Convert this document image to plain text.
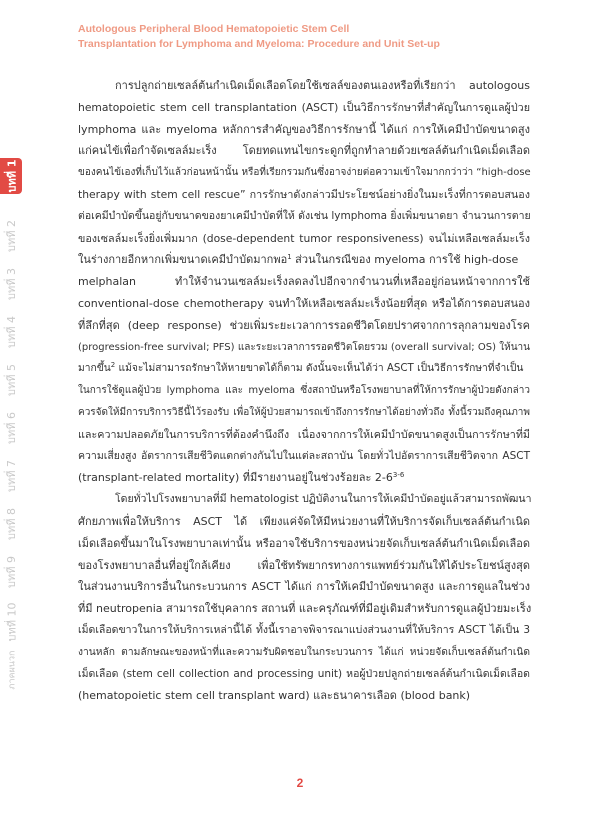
Autologous Peripheral Blood Hematopoietic Stem Cell
Transplantation for Lymphoma and Myeloma: Procedure and Unit Set-up
บทที่ 1
บทที่ 2
บทที่ 3
บทที่ 4
บทที่ 5
บทที่ 6
บทที่ 7
บทที่ 8
บทที่ 9
บทที่ 10
ภาคผนวก
การปลูกถ่ายเซลล์ต้นกำเนิดเม็ดเลือดโดยใช้เซลล์ของตนเองหรือที่เรียกว่า autologous
hematopoietic stem cell transplantation (ASCT) เป็นวิธีการรักษาที่สำคัญในการดูแลผู้ป่วย
lymphoma และ myeloma หลักการสำคัญของวิธีการรักษานี้ ได้แก่ การให้เคมีบำบัดขนาดสูง
แก่คนไข้เพื่อกำจัดเซลล์มะเร็ง โดยทดแทนไขกระดูกที่ถูกทำลายด้วยเซลล์ต้นกำเนิดเม็ดเลือด
ของคนไข้เองที่เก็บไว้แล้วก่อนหน้านั้น หรือที่เรียกรวมกันซึ่งอาจง่ายต่อความเข้าใจมากกว่าว่า “high-dose
therapy with stem cell rescue” การรักษาดังกล่าวมีประโยชน์อย่างยิ่งในมะเร็งที่การตอบสนอง
ต่อเคมีบำบัดขึ้นอยู่กับขนาดของยาเคมีบำบัดที่ให้ ดังเช่น lymphoma ยิ่งเพิ่มขนาดยา จำนวนการตาย
ของเซลล์มะเร็งยิ่งเพิ่มมาก (dose-dependent tumor responsiveness) จนไม่เหลือเซลล์มะเร็ง
ในร่างกายอีกหากเพิ่มขนาดเคมีบำบัดมากพอ$^1$ ส่วนในกรณีของ myeloma การใช้ high-dose
melphalan ทำให้จำนวนเซลล์มะเร็งลดลงไปอีกจากจำนวนที่เหลืออยู่ก่อนหน้าจากการใช้
conventional-dose chemotherapy จนทำให้เหลือเซลล์มะเร็งน้อยที่สุด หรือได้การตอบสนอง
ที่ลึกที่สุด (deep response) ช่วยเพิ่มระยะเวลาการรอดชีวิตโดยปราศจากการลุกลามของโรค
(progression-free survival; PFS) และระยะเวลาการรอดชีวิตโดยรวม (overall survival; OS) ให้นาน
มากขึ้น$^2$ แม้จะไม่สามารถรักษาให้หายขาดได้ก็ตาม ดังนั้นจะเห็นได้ว่า ASCT เป็นวิธีการรักษาที่จำเป็น
ในการใช้ดูแลผู้ป่วย lymphoma และ myeloma ซึ่งสถาบันหรือโรงพยาบาลที่ให้การรักษาผู้ป่วยดังกล่าว
ควรจัดให้มีการบริการวิธีนี้ไว้รองรับ เพื่อให้ผู้ป่วยสามารถเข้าถึงการรักษาได้อย่างทั่วถึง ทั้งนี้รวมถึงคุณภาพ
และความปลอดภัยในการบริการที่ต้องคำนึงถึง เนื่องจากการให้เคมีบำบัดขนาดสูงเป็นการรักษาที่มี
ความเสี่ยงสูง อัตราการเสียชีวิตแตกต่างกันไปในแต่ละสถาบัน โดยทั่วไปอัตราการเสียชีวิตจาก ASCT
(transplant-related mortality) ที่มีรายงานอยู่ในช่วงร้อยละ 2-6$^{3-6}$
โดยทั่วไปโรงพยาบาลที่มี hematologist ปฏิบัติงานในการให้เคมีบำบัดอยู่แล้วสามารถพัฒนา
ศักยภาพเพื่อให้บริการ ASCT ได้ เพียงแค่จัดให้มีหน่วยงานที่ให้บริการจัดเก็บเซลล์ต้นกำเนิด
เม็ดเลือดขึ้นมาในโรงพยาบาลเท่านั้น หรืออาจใช้บริการของหน่วยจัดเก็บเซลล์ต้นกำเนิดเม็ดเลือด
ของโรงพยาบาลอื่นที่อยู่ใกล้เคียง เพื่อใช้ทรัพยากรทางการแพทย์ร่วมกันให้ได้ประโยชน์สูงสุด
ในส่วนงานบริการอื่นในกระบวนการ ASCT ได้แก่ การให้เคมีบำบัดขนาดสูง และการดูแลในช่วง
ที่มี neutropenia สามารถใช้บุคลากร สถานที่ และครุภัณฑ์ที่มีอยู่เดิมสำหรับการดูแลผู้ป่วยมะเร็ง
เม็ดเลือดขาวในการให้บริการเหล่านี้ได้ ทั้งนี้เราอาจพิจารณาแบ่งส่วนงานที่ให้บริการ ASCT ได้เป็น 3
งานหลัก ตามลักษณะของหน้าที่และความรับผิดชอบในกระบวนการ ได้แก่ หน่วยจัดเก็บเซลล์ต้นกำเนิด
เม็ดเลือด (stem cell collection and processing unit) หอผู้ป่วยปลูกถ่ายเซลล์ต้นกำเนิดเม็ดเลือด
(hematopoietic stem cell transplant ward) และธนาคารเลือด (blood bank)
2
